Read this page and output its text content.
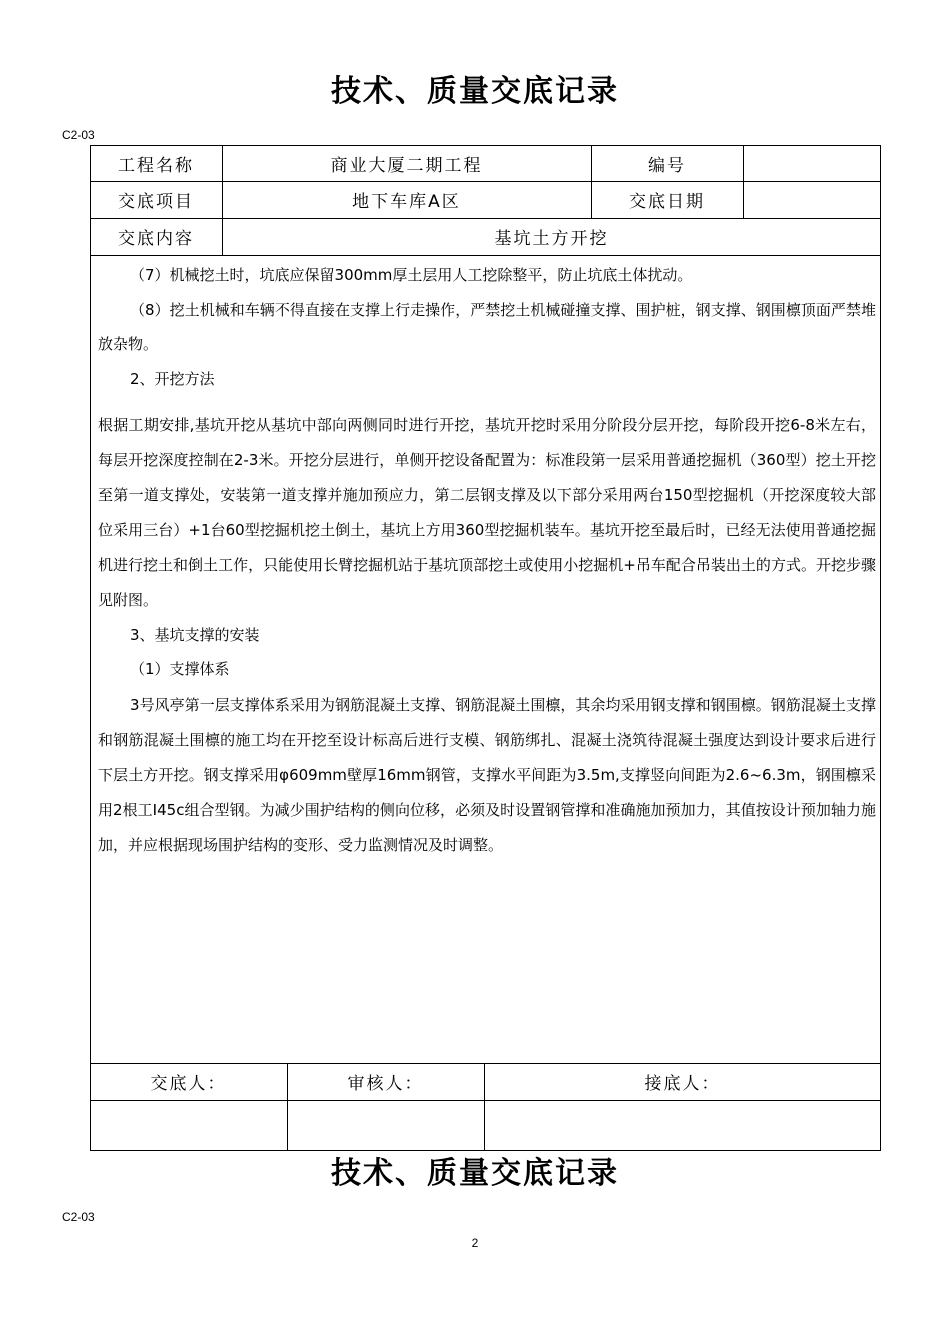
技术、质量交底记录
C2-03
工程名称	商业大厦二期工程	编号
交底项目	地下车库A区	交底日期
交底内容	基坑土方开挖

（7）机械挖土时，坑底应保留300mm厚土层用人工挖除整平，防止坑底土体扰动。

（8）挖土机械和车辆不得直接在支撑上行走操作，严禁挖土机械碰撞支撑、围护桩，钢支撑、钢围檩顶面严禁堆放杂物。

2、开挖方法

根据工期安排,基坑开挖从基坑中部向两侧同时进行开挖，基坑开挖时采用分阶段分层开挖，每阶段开挖6-8米左右，每层开挖深度控制在2-3米。开挖分层进行，单侧开挖设备配置为：标准段第一层采用普通挖掘机（360型）挖土开挖至第一道支撑处，安装第一道支撑并施加预应力，第二层钢支撑及以下部分采用两台150型挖掘机（开挖深度较大部位采用三台）+1台60型挖掘机挖土倒土，基坑上方用360型挖掘机装车。基坑开挖至最后时，已经无法使用普通挖掘机进行挖土和倒土工作，只能使用长臂挖掘机站于基坑顶部挖土或使用小挖掘机+吊车配合吊装出土的方式。开挖步骤见附图。

3、基坑支撑的安装

（1）支撑体系

3号风亭第一层支撑体系采用为钢筋混凝土支撑、钢筋混凝土围檩，其余均采用钢支撑和钢围檩。钢筋混凝土支撑和钢筋混凝土围檩的施工均在开挖至设计标高后进行支模、钢筋绑扎、混凝土浇筑待混凝土强度达到设计要求后进行下层土方开挖。钢支撑采用φ609mm壁厚16mm钢管，支撑水平间距为3.5m,支撑竖向间距为2.6~6.3m，钢围檩采用2根工I45c组合型钢。为减少围护结构的侧向位移，必须及时设置钢管撑和准确施加预加力，其值按设计预加轴力施加，并应根据现场围护结构的变形、受力监测情况及时调整。

交底人：	审核人：	接底人：
技术、质量交底记录
C2-03
2
